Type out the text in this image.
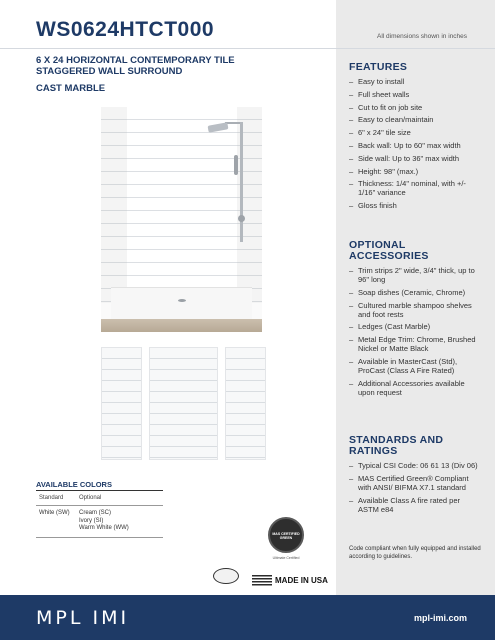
WS0624HTCT000	All dimensions shown in inches
6 X 24 HORIZONTAL CONTEMPORARY TILE STAGGERED WALL SURROUND
CAST MARBLE
AVAILABLE COLORS
Standard	Optional
White (SW)	Cream (SC)
Ivory (SI)
Warm White (WW)
MAS CERTIFIED GREEN
Ultimate Certified
MADE IN USA
FEATURES
– Easy to install
– Full sheet walls
– Cut to fit on job site
– Easy to clean/maintain
– 6" x 24" tile size
– Back wall: Up to 60" max width
– Side wall: Up to 36" max width
– Height: 98" (max.)
– Thickness: 1/4" nominal, with +/- 1/16" variance
– Gloss finish
OPTIONAL ACCESSORIES
– Trim strips 2" wide, 3/4" thick, up to 96" long
– Soap dishes (Ceramic, Chrome)
– Cultured marble shampoo shelves and foot rests
– Ledges (Cast Marble)
– Metal Edge Trim: Chrome, Brushed Nickel or Matte Black
– Available in MasterCast (Std), ProCast (Class A Fire Rated)
– Additional Accessories available upon request
STANDARDS AND RATINGS
– Typical CSI Code: 06 61 13 (Div 06)
– MAS Certified Green® Compliant with ANSI/ BIFMA X7.1 standard
– Available Class A fire rated per ASTM e84
Code compliant when fully equipped and installed according to guidelines.
MPL IMI	mpl-imi.com
